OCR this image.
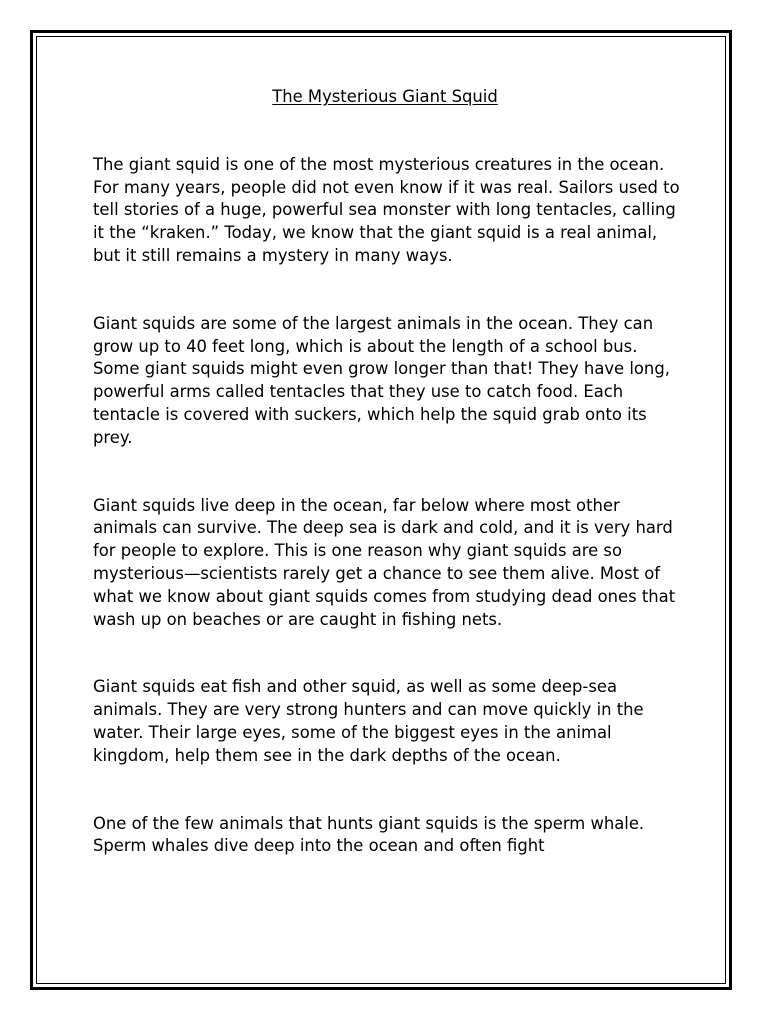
The Mysterious Giant Squid

The giant squid is one of the most mysterious creatures in the ocean. For many years, people did not even know if it was real. Sailors used to tell stories of a huge, powerful sea monster with long tentacles, calling it the “kraken.” Today, we know that the giant squid is a real animal, but it still remains a mystery in many ways.

Giant squids are some of the largest animals in the ocean. They can grow up to 40 feet long, which is about the length of a school bus. Some giant squids might even grow longer than that! They have long, powerful arms called tentacles that they use to catch food. Each tentacle is covered with suckers, which help the squid grab onto its prey.

Giant squids live deep in the ocean, far below where most other animals can survive. The deep sea is dark and cold, and it is very hard for people to explore. This is one reason why giant squids are so mysterious—scientists rarely get a chance to see them alive. Most of what we know about giant squids comes from studying dead ones that wash up on beaches or are caught in fishing nets.

Giant squids eat fish and other squid, as well as some deep-sea animals. They are very strong hunters and can move quickly in the water. Their large eyes, some of the biggest eyes in the animal kingdom, help them see in the dark depths of the ocean.

One of the few animals that hunts giant squids is the sperm whale. Sperm whales dive deep into the ocean and often fight
